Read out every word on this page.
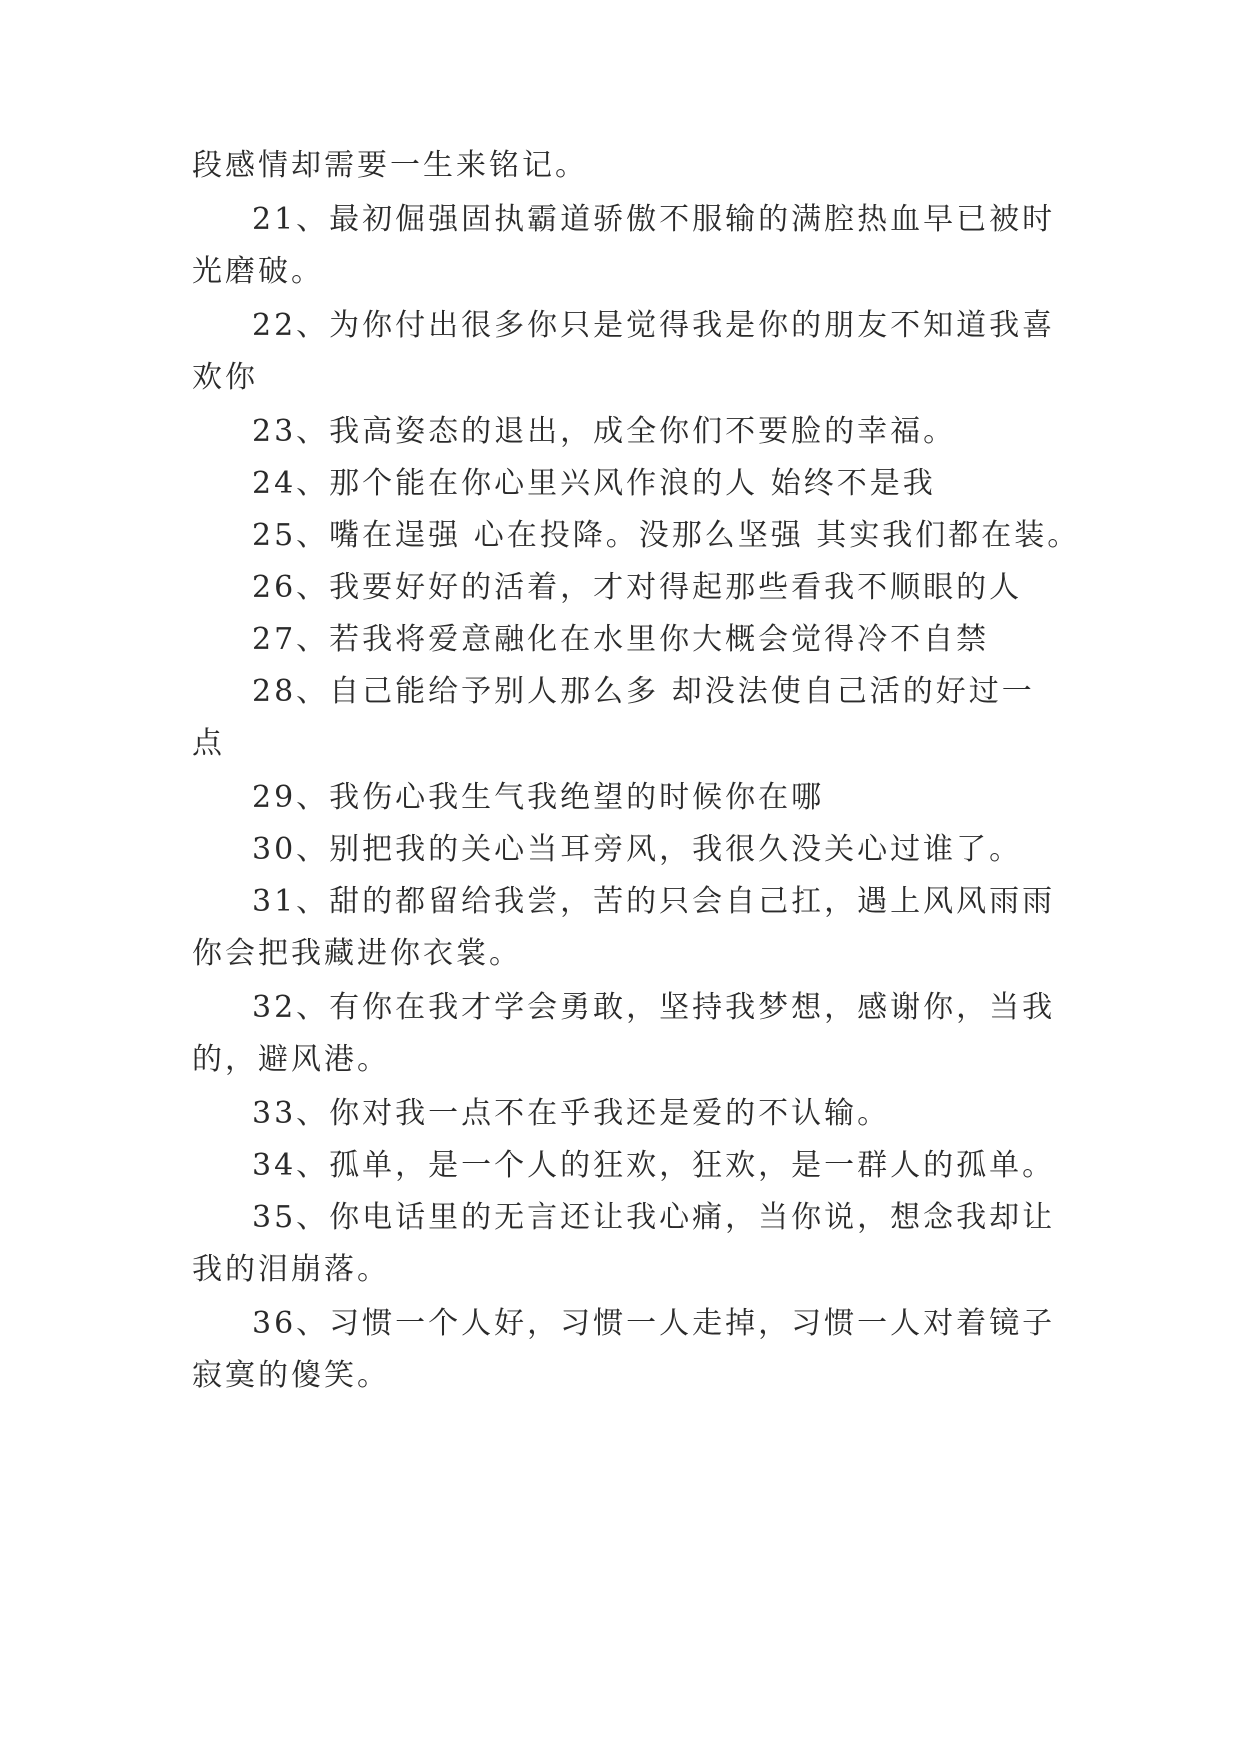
段感情却需要一生来铭记。
21、最初倔强固执霸道骄傲不服输的满腔热血早已被时
光磨破。
22、为你付出很多你只是觉得我是你的朋友不知道我喜
欢你
23、我高姿态的退出，成全你们不要脸的幸福。
24、那个能在你心里兴风作浪的人 始终不是我
25、嘴在逞强 心在投降。没那么坚强 其实我们都在装。
26、我要好好的活着，才对得起那些看我不顺眼的人
27、若我将爱意融化在水里你大概会觉得冷不自禁
28、自己能给予别人那么多 却没法使自己活的好过一
点
29、我伤心我生气我绝望的时候你在哪
30、别把我的关心当耳旁风，我很久没关心过谁了。
31、甜的都留给我尝，苦的只会自己扛，遇上风风雨雨
你会把我藏进你衣裳。
32、有你在我才学会勇敢，坚持我梦想，感谢你，当我
的，避风港。
33、你对我一点不在乎我还是爱的不认输。
34、孤单，是一个人的狂欢，狂欢，是一群人的孤单。
35、你电话里的无言还让我心痛，当你说，想念我却让
我的泪崩落。
36、习惯一个人好，习惯一人走掉，习惯一人对着镜子
寂寞的傻笑。
